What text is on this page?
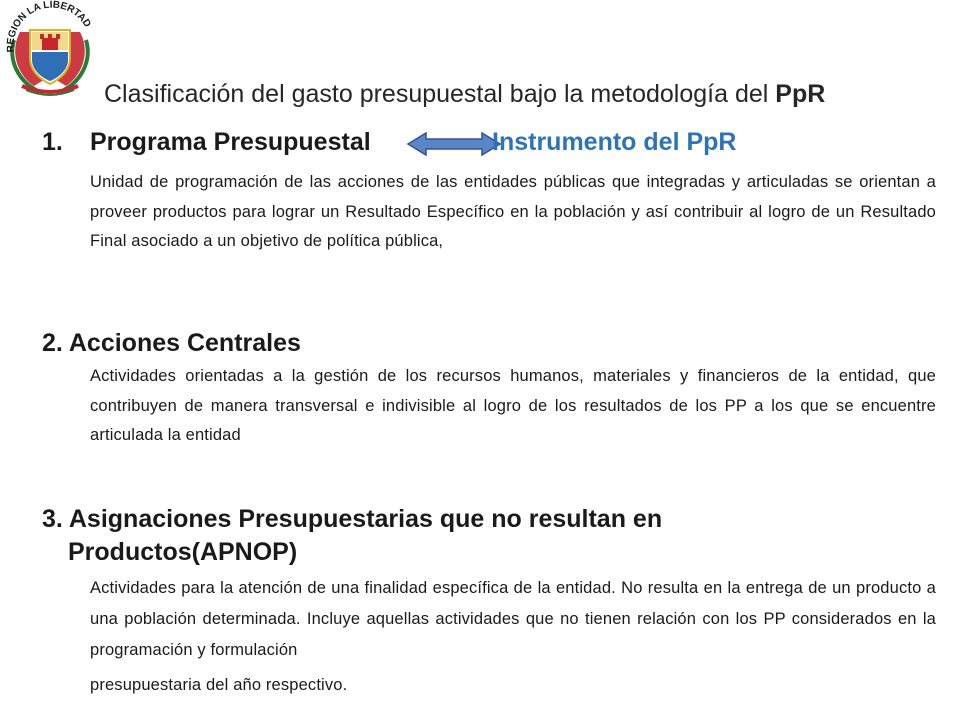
REGION LA LIBERTAD
Clasificación del gasto presupuestal bajo la metodología del PpR
1. Programa Presupuestal	Instrumento del PpR

Unidad de programación de las acciones de las entidades públicas que integradas y articuladas se orientan a proveer productos para lograr un Resultado Específico en la población y así contribuir al logro de un Resultado Final asociado a un objetivo de política pública,

2. Acciones Centrales

Actividades orientadas a la gestión de los recursos humanos, materiales y financieros de la entidad, que contribuyen de manera transversal e indivisible al logro de los resultados de los PP a los que se encuentre articulada la entidad

3. Asignaciones Presupuestarias que no resultan en
Productos(APNOP)
Actividades para la atención de una finalidad específica de la entidad. No resulta en la entrega de un producto a una población determinada. Incluye aquellas actividades que no tienen relación con los PP considerados en la programación y formulación
presupuestaria del año respectivo.
